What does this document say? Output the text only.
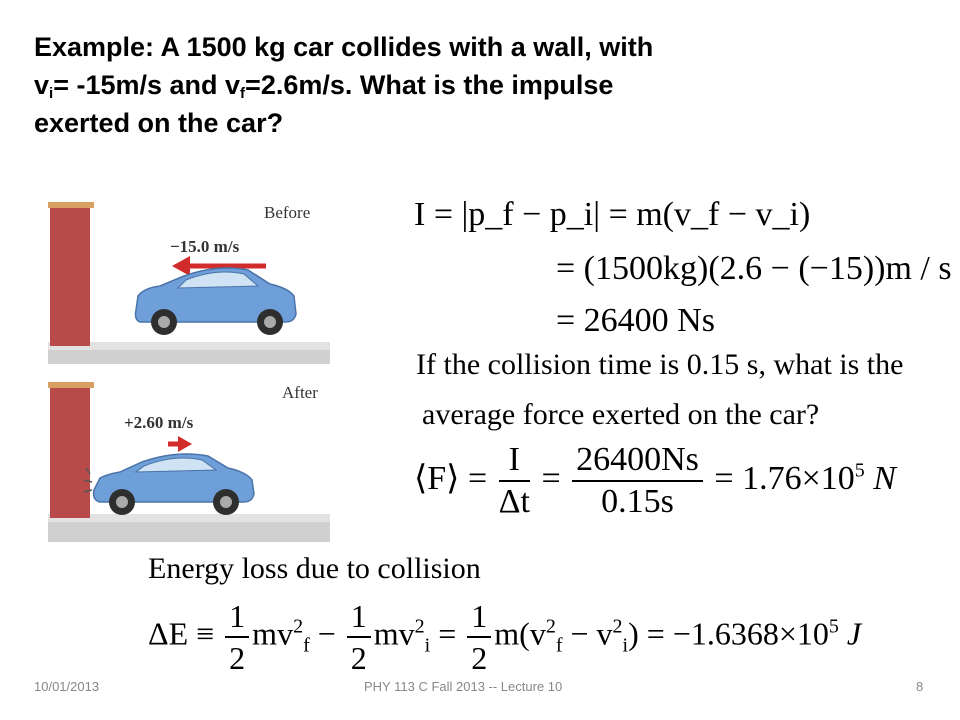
Example: A 1500 kg car collides with a wall, with
$v_i= -15m/s$ and $v_f=2.6m/s$. What is the impulse
exerted on the car?
Before
−15.0 m/s
After
+2.60 m/s
I = |p_f − p_i| = m(v_f − v_i)
= (1500kg)(2.6 − (−15))m / s
= 26400 Ns
If the collision time is 0.15 s, what is the
average force exerted on the car?
⟨F⟩ = $\frac{I}{\Delta t} = \frac{26400Ns}{0.15s} = 1.76\times 10^5$ N
Energy loss due to collision
$\Delta E \equiv \frac{1}{2} mv^2_f - \frac{1}{2} mv^2_i = \frac{1}{2} m(v^2_f - v^2_i) = -1.6368\times 10^5$ J
10/01/2013	PHY 113 C Fall 2013 -- Lecture 10	8
